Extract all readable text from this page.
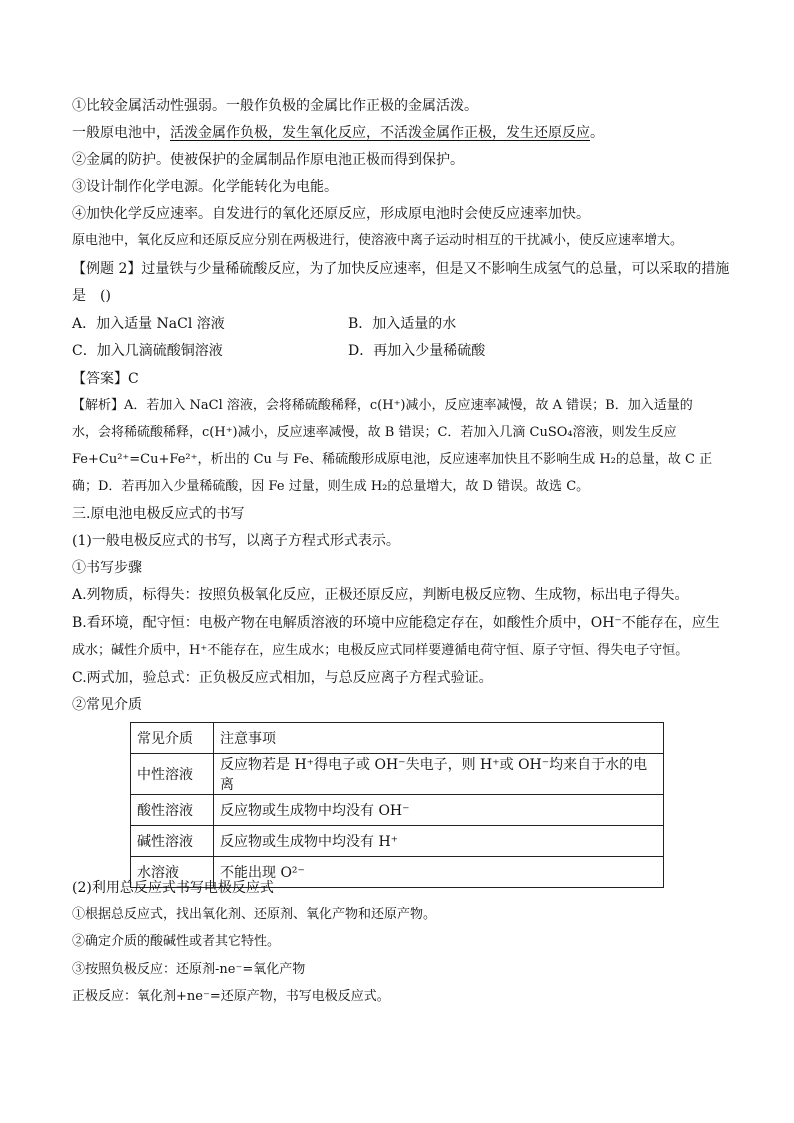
①比较金属活动性强弱。一般作负极的金属比作正极的金属活泼。
一般原电池中，活泼金属作负极，发生氧化反应，不活泼金属作正极，发生还原反应。
②金属的防护。使被保护的金属制品作原电池正极而得到保护。
③设计制作化学电源。化学能转化为电能。
④加快化学反应速率。自发进行的氧化还原反应，形成原电池时会使反应速率加快。
原电池中，氧化反应和还原反应分别在两极进行，使溶液中离子运动时相互的干扰减小，使反应速率增大。
【例题 2】过量铁与少量稀硫酸反应，为了加快反应速率，但是又不影响生成氢气的总量，可以采取的措施
是　()
A．加入适量 NaCl 溶液	B．加入适量的水
C．加入几滴硫酸铜溶液	D．再加入少量稀硫酸
【答案】C
【解析】A．若加入 NaCl 溶液，会将稀硫酸稀释，c(H⁺)减小，反应速率减慢，故 A 错误；B．加入适量的
水，会将稀硫酸稀释，c(H⁺)减小，反应速率减慢，故 B 错误；C．若加入几滴 CuSO₄溶液，则发生反应
Fe+Cu²⁺=Cu+Fe²⁺，析出的 Cu 与 Fe、稀硫酸形成原电池，反应速率加快且不影响生成 H₂的总量，故 C 正
确；D．若再加入少量稀硫酸，因 Fe 过量，则生成 H₂的总量增大，故 D 错误。故选 C。
三.原电池电极反应式的书写
(1)一般电极反应式的书写，以离子方程式形式表示。
①书写步骤
A.列物质，标得失：按照负极氧化反应，正极还原反应，判断电极反应物、生成物，标出电子得失。
B.看环境，配守恒：电极产物在电解质溶液的环境中应能稳定存在，如酸性介质中，OH⁻不能存在，应生
成水；碱性介质中，H⁺不能存在，应生成水；电极反应式同样要遵循电荷守恒、原子守恒、得失电子守恒。
C.两式加，验总式：正负极反应式相加，与总反应离子方程式验证。
②常见介质
常见介质	注意事项
中性溶液	反应物若是 H⁺得电子或 OH⁻失电子，则 H⁺或 OH⁻均来自于水的电离
酸性溶液	反应物或生成物中均没有 OH⁻
碱性溶液	反应物或生成物中均没有 H⁺
水溶液	不能出现 O²⁻
(2)利用总反应式书写电极反应式
①根据总反应式，找出氧化剂、还原剂、氧化产物和还原产物。
②确定介质的酸碱性或者其它特性。
③按照负极反应：还原剂-ne⁻=氧化产物
正极反应：氧化剂+ne⁻=还原产物，书写电极反应式。
